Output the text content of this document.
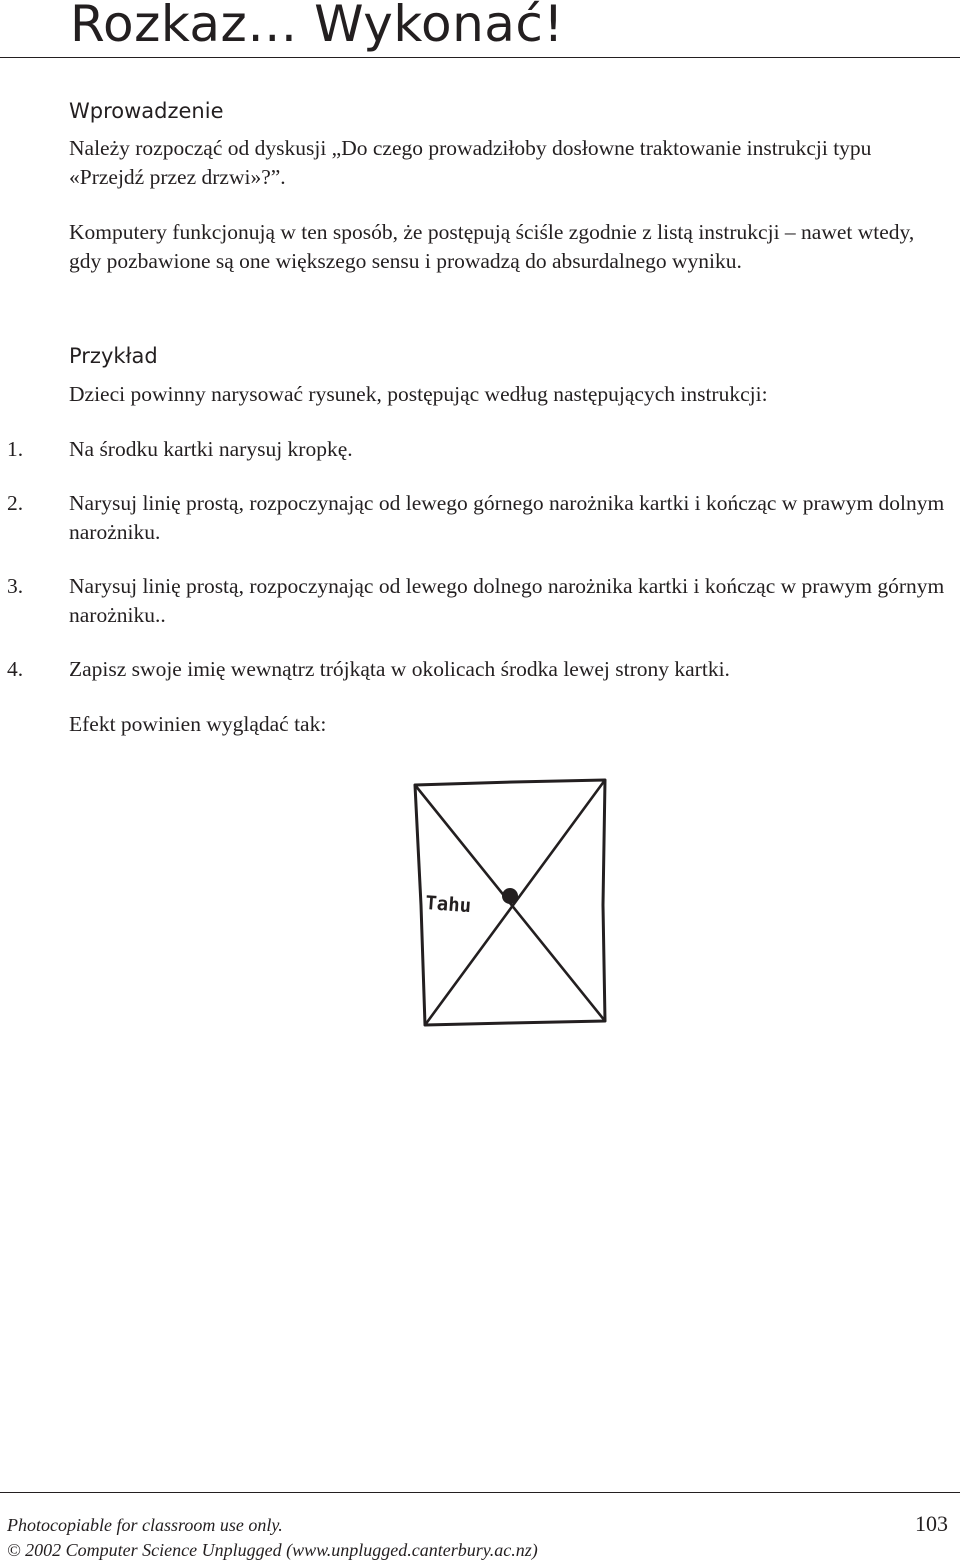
Rozkaz… Wykonać!
Wprowadzenie

Należy rozpocząć od dyskusji „Do czego prowadziłoby dosłowne traktowanie instrukcji typu «Przejdź przez drzwi»?”.

Komputery funkcjonują w ten sposób, że postępują ściśle zgodnie z listą instrukcji – nawet wtedy, gdy pozbawione są one większego sensu i prowadzą do absurdalnego wyniku.

Przykład

Dzieci powinny narysować rysunek, postępując według następujących instrukcji:

1. Na środku kartki narysuj kropkę.

2. Narysuj linię prostą, rozpoczynając od lewego górnego narożnika kartki i kończąc w prawym dolnym narożniku.

3. Narysuj linię prostą, rozpoczynając od lewego dolnego narożnika kartki i kończąc w prawym górnym narożniku..

4. Zapisz swoje imię wewnątrz trójkąta w okolicach środka lewej strony kartki.

Efekt powinien wyglądać tak:

Tahu

Photocopiable for classroom use only.

© 2002 Computer Science Unplugged (www.unplugged.canterbury.ac.nz)

103
